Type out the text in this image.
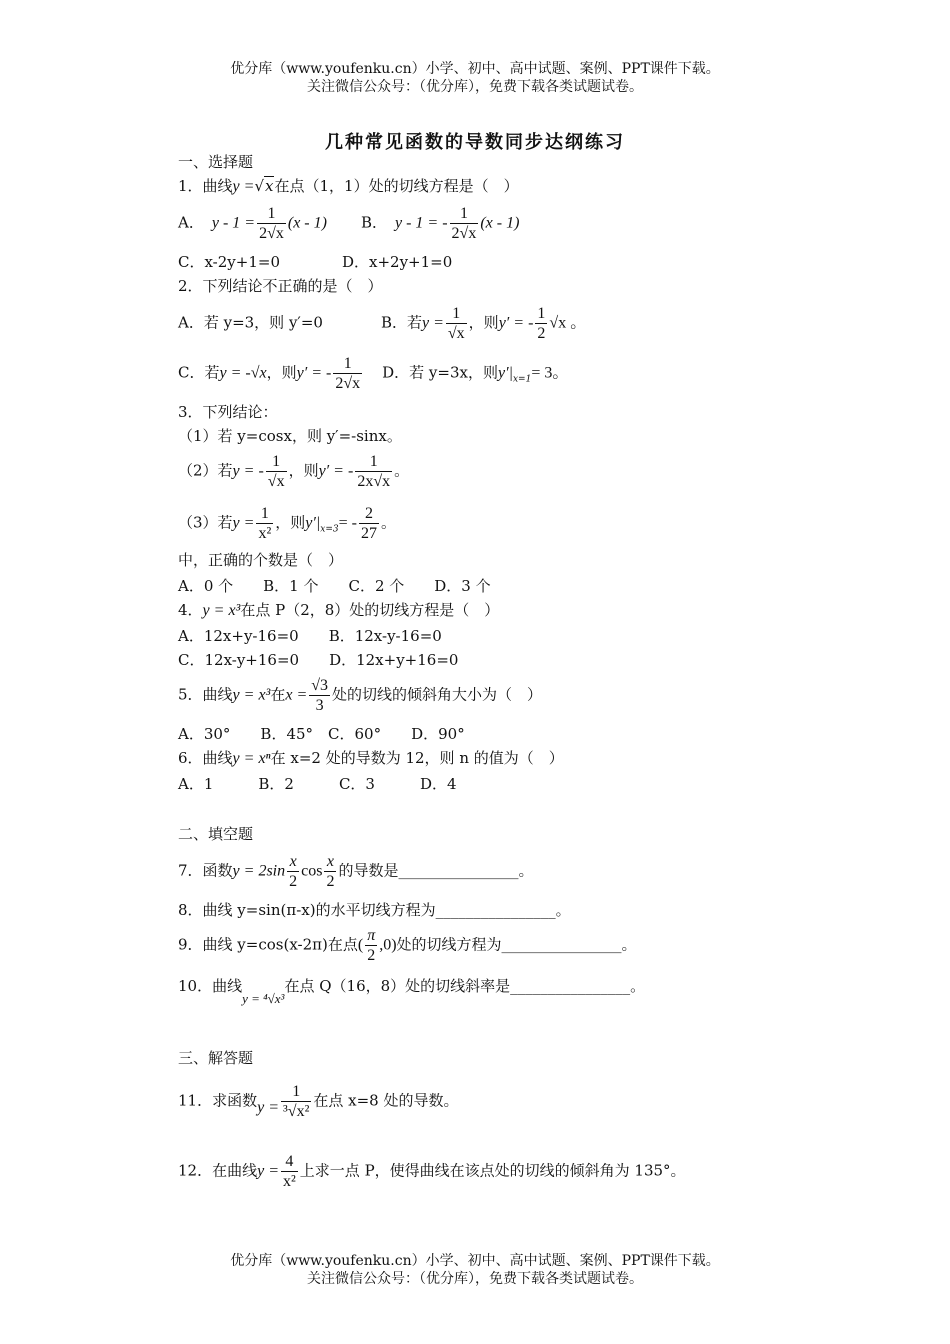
优分库（www.youfenku.cn）小学、初中、高中试题、案例、PPT课件下载。
关注微信公众号：（优分库），免费下载各类试题试卷。
几种常见函数的导数同步达纲练习
一、选择题
1．曲线y =√x在点（1，1）处的切线方程是（　）
A． $y - 1 = \frac{1}{2√x} (x - 1)$ B． y - 1 = - $\frac{1}{2√x} (x - 1)$
C．x-2y+1=0	D．x+2y+1=0
2．下列结论不正确的是（　）
A．若 y=3，则 y′=0	B．若$y = \frac{1}{√x}$ ，则y′ = - $\frac{1}{2} √x$ 。
C．若y = -√x，则y′ = - $\frac{1}{2√x}$ D．若 y=3x，则$y'|_{x=1}= 3$。
3．下列结论：
（1）若 y=cosx，则 y′=-sinx。
（2）若y = - $\frac{1}{√x}$ ，则y′ = - $\frac{1}{2x√x}$ 。
（3）若$y = \frac{1}{\text{x²}}$ ，则$y'|_{x=3}= - \frac{2}{27}$ 。
中，正确的个数是（　）
A．0 个　　B．1 个　　C．2 个　　D．3 个
4．y = x³在点 P（2，8）处的切线方程是（　）
A．12x+y-16=0　　B．12x-y-16=0
C．12x-y+16=0　　D．12x+y+16=0
5．曲线y = x³在$x = \frac{√3}{3}$ 处的切线的倾斜角大小为（　）
A．30°　　B．45°　C．60°　　D．90°
6．曲线y = xⁿ在 x=2 处的导数为 12，则 n 的值为（　）
A．1　　　B．2　　　C．3　　　D．4
二、填空题
7．函数$y = 2\sin \frac{x}{2}$ $\cos \frac{x}{2}$ 的导数是________________。
8．曲线 y=sin(π-x)的水平切线方程为________________。
9．曲线 y=cos(x-2π)在点( $\frac{\pi}{2} ,0$)处的切线方程为________________。
10．曲线y = ⁴√x³在点 Q（16，8）处的切线斜率是________________。
三、解答题
11．求函数$y = \frac{1}{\text{³√x²}}$ 在点 x=8 处的导数。
12．在曲线$y = \frac{4}{\text{x²}}$ 上求一点 P，使得曲线在该点处的切线的倾斜角为 135°。
优分库（www.youfenku.cn）小学、初中、高中试题、案例、PPT课件下载。
关注微信公众号：（优分库），免费下载各类试题试卷。
